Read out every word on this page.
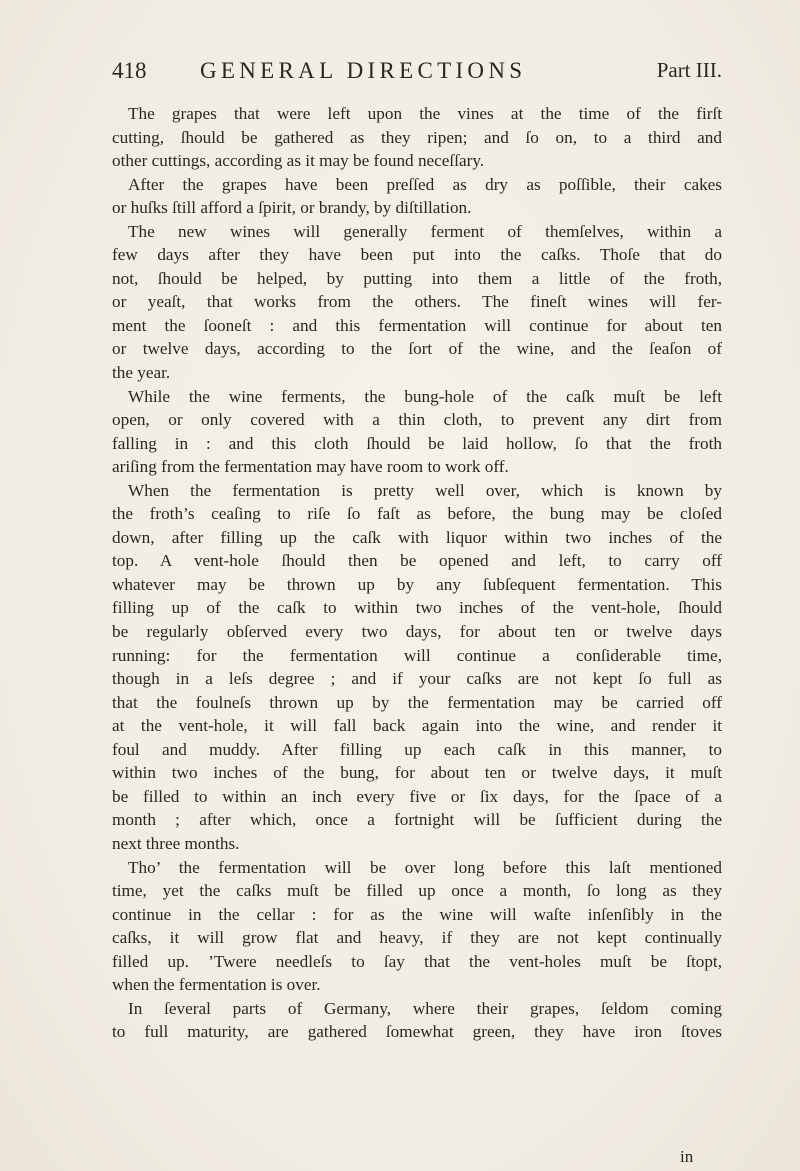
418 GENERAL DIRECTIONS	Part III.
The grapes that were left upon the vines at the time of the firſt
cutting, ſhould be gathered as they ripen; and ſo on, to a third and
other cuttings, according as it may be found neceſſary.
After the grapes have been preſſed as dry as poſſible, their cakes
or huſks ſtill afford a ſpirit, or brandy, by diſtillation.
The new wines will generally ferment of themſelves, within a
few days after they have been put into the caſks. Thoſe that do
not, ſhould be helped, by putting into them a little of the froth,
or yeaſt, that works from the others. The fineſt wines will fer-
ment the ſooneſt : and this fermentation will continue for about ten
or twelve days, according to the ſort of the wine, and the ſeaſon of
the year.
While the wine ferments, the bung-hole of the caſk muſt be left
open, or only covered with a thin cloth, to prevent any dirt from
falling in : and this cloth ſhould be laid hollow, ſo that the froth
ariſing from the fermentation may have room to work off.
When the fermentation is pretty well over, which is known by
the froth’s ceaſing to riſe ſo faſt as before, the bung may be cloſed
down, after filling up the caſk with liquor within two inches of the
top. A vent-hole ſhould then be opened and left, to carry off
whatever may be thrown up by any ſubſequent fermentation. This
filling up of the caſk to within two inches of the vent-hole, ſhould
be regularly obſerved every two days, for about ten or twelve days
running: for the fermentation will continue a conſiderable time,
though in a leſs degree ; and if your caſks are not kept ſo full as
that the foulneſs thrown up by the fermentation may be carried off
at the vent-hole, it will fall back again into the wine, and render it
foul and muddy. After filling up each caſk in this manner, to
within two inches of the bung, for about ten or twelve days, it muſt
be filled to within an inch every five or ſix days, for the ſpace of a
month ; after which, once a fortnight will be ſufficient during the
next three months.
Tho’ the fermentation will be over long before this laſt mentioned
time, yet the caſks muſt be filled up once a month, ſo long as they
continue in the cellar : for as the wine will waſte inſenſibly in the
caſks, it will grow flat and heavy, if they are not kept continually
filled up. ’Twere needleſs to ſay that the vent-holes muſt be ſtopt,
when the fermentation is over.
In ſeveral parts of Germany, where their grapes, ſeldom coming
to full maturity, are gathered ſomewhat green, they have iron ſtoves
in
